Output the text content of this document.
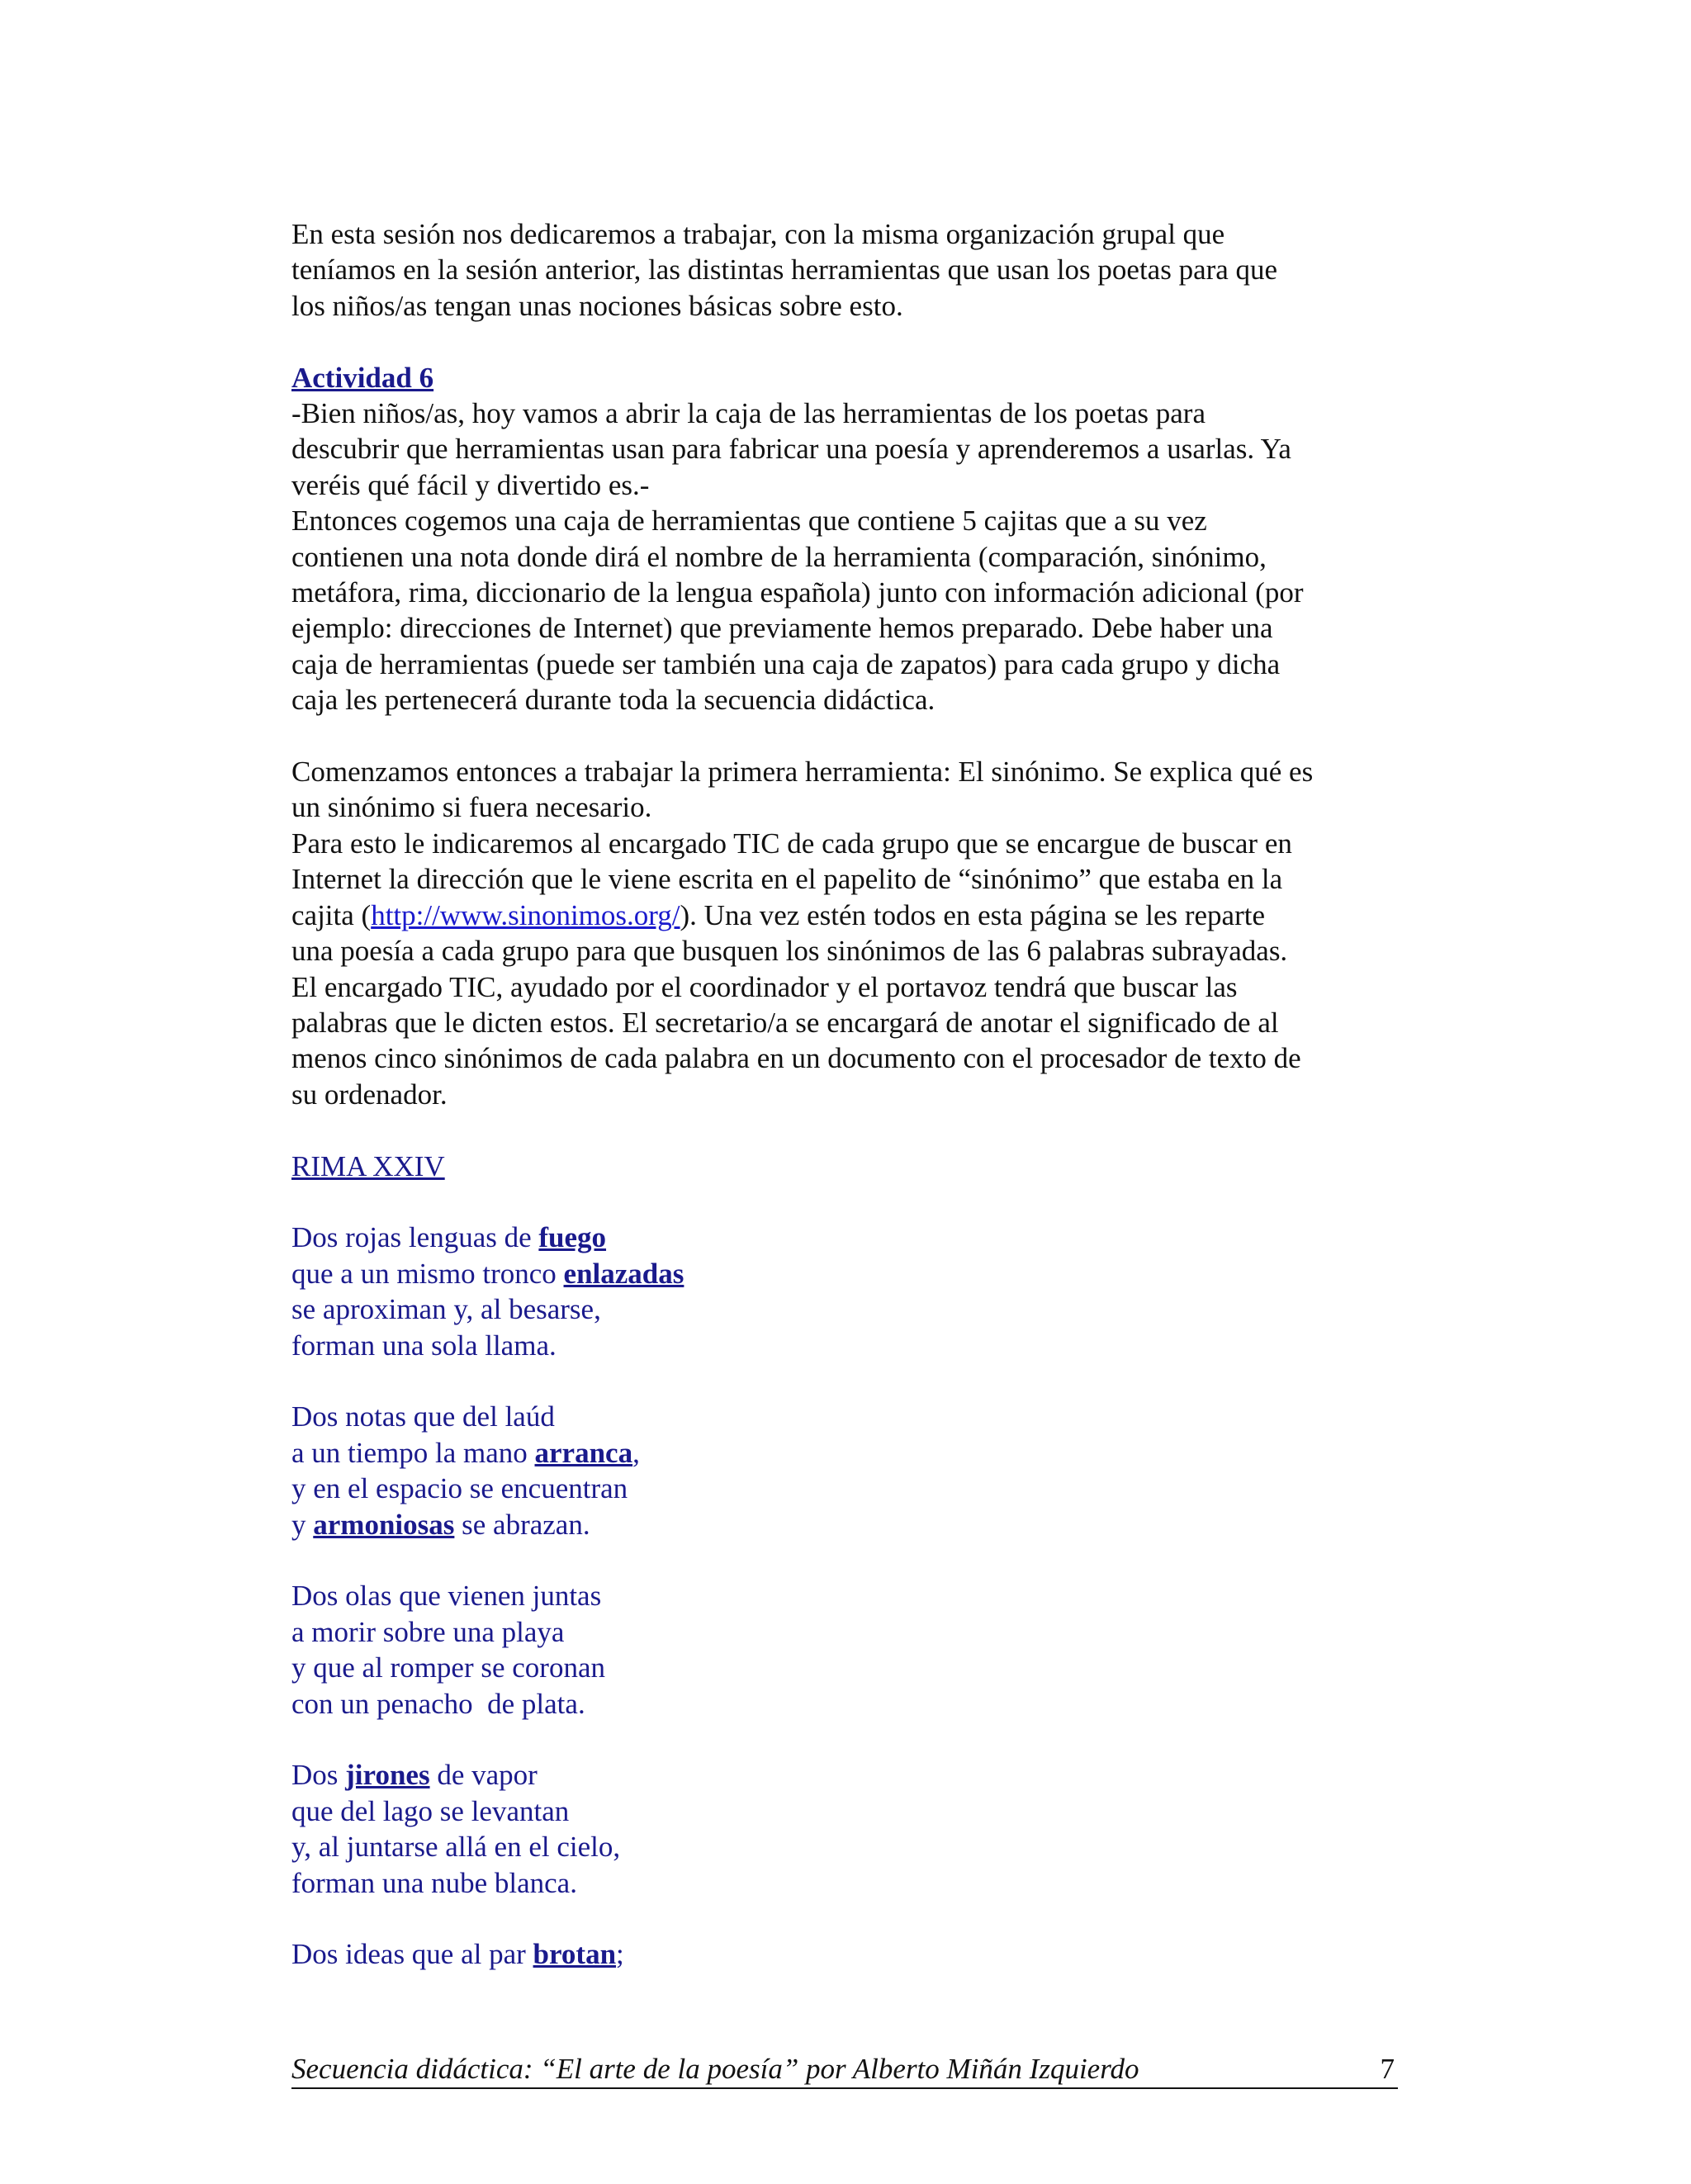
En esta sesión nos dedicaremos a trabajar, con la misma organización grupal que

teníamos en la sesión anterior, las distintas herramientas que usan los poetas para que

los niños/as tengan unas nociones básicas sobre esto.

Actividad 6

-Bien niños/as, hoy vamos a abrir la caja de las herramientas de los poetas para

descubrir que herramientas usan para fabricar una poesía y aprenderemos a usarlas. Ya

veréis qué fácil y divertido es.-

Entonces cogemos una caja de herramientas que contiene 5 cajitas que a su vez

contienen una nota donde dirá el nombre de la herramienta (comparación, sinónimo,

metáfora, rima, diccionario de la lengua española) junto con información adicional (por

ejemplo: direcciones de Internet) que previamente hemos preparado. Debe haber una

caja de herramientas (puede ser también una caja de zapatos) para cada grupo y dicha

caja les pertenecerá durante toda la secuencia didáctica.

Comenzamos entonces a trabajar la primera herramienta: El sinónimo. Se explica qué es

un sinónimo si fuera necesario.

Para esto le indicaremos al encargado TIC de cada grupo que se encargue de buscar en

Internet la dirección que le viene escrita en el papelito de “sinónimo” que estaba en la

cajita (http://www.sinonimos.org/). Una vez estén todos en esta página se les reparte

una poesía a cada grupo para que busquen los sinónimos de las 6 palabras subrayadas.

El encargado TIC, ayudado por el coordinador y el portavoz tendrá que buscar las

palabras que le dicten estos. El secretario/a se encargará de anotar el significado de al

menos cinco sinónimos de cada palabra en un documento con el procesador de texto de

su ordenador.

RIMA XXIV

Dos rojas lenguas de fuego

que a un mismo tronco enlazadas

se aproximan y, al besarse,

forman una sola llama.

Dos notas que del laúd

a un tiempo la mano arranca,

y en el espacio se encuentran

y armoniosas se abrazan.

Dos olas que vienen juntas

a morir sobre una playa

y que al romper se coronan

con un penacho  de plata.

Dos jirones de vapor

que del lago se levantan

y, al juntarse allá en el cielo,

forman una nube blanca.

Dos ideas que al par brotan;

Secuencia didáctica: “El arte de la poesía” por Alberto Miñán Izquierdo	7
